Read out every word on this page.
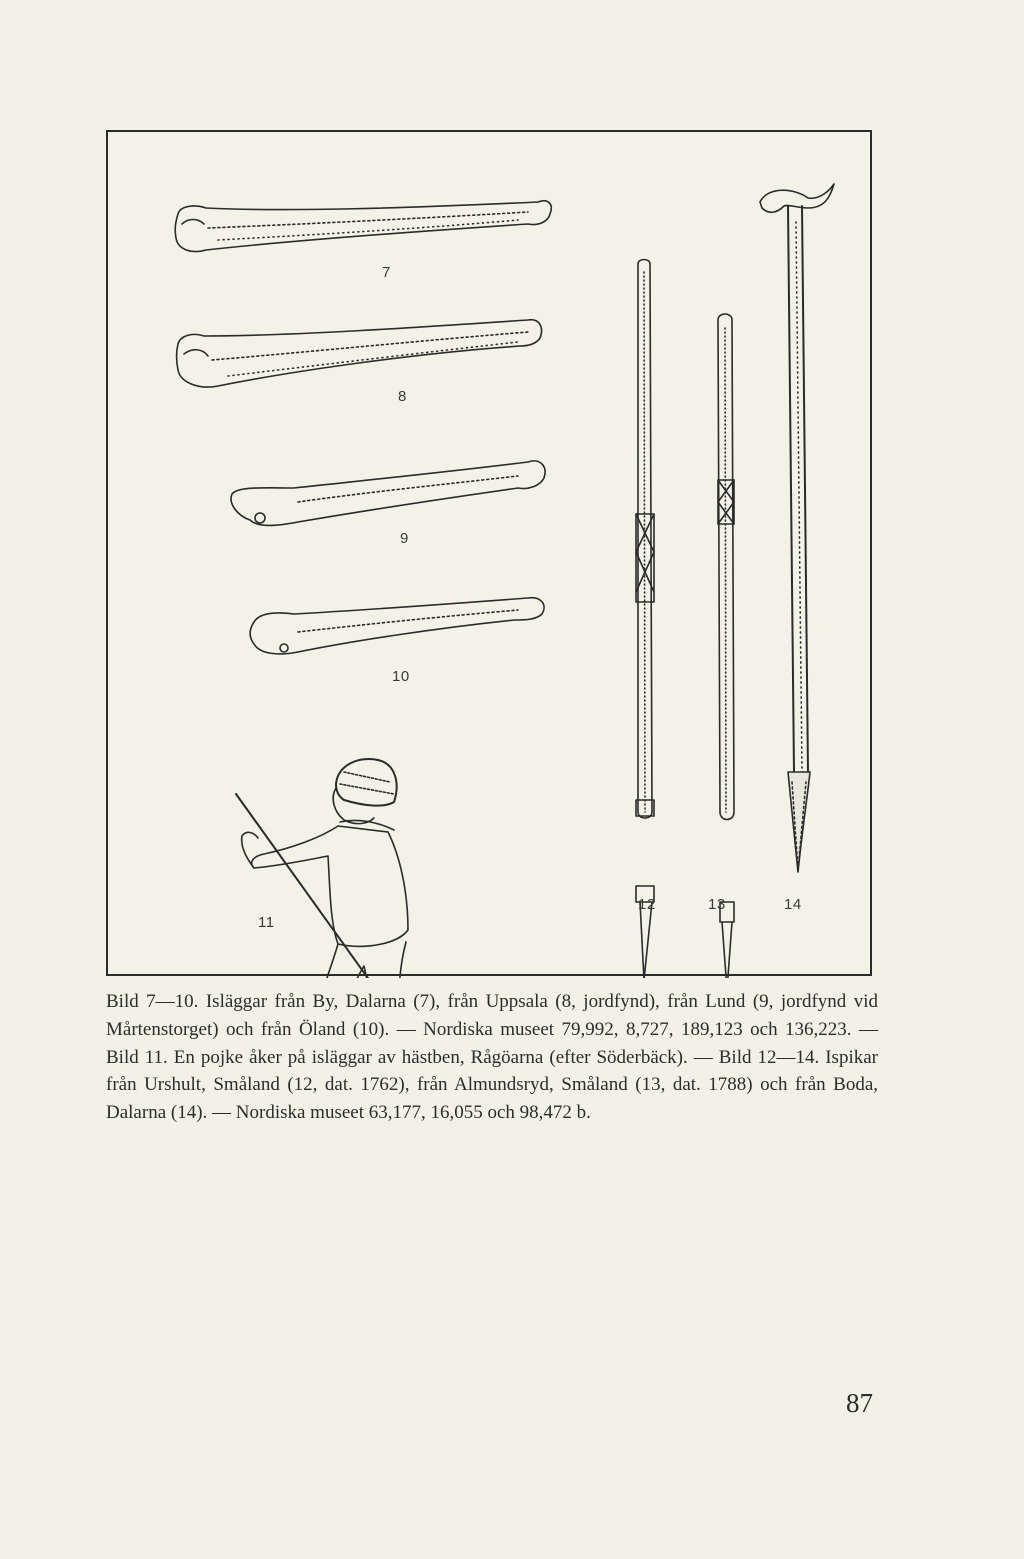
7
8
9
10
11
12	13	14

Bild 7—10. Isläggar från By, Dalarna (7), från Uppsala (8, jordfynd), från Lund (9, jordfynd vid Mårtenstorget) och från Öland (10). — Nordiska museet 79,992, 8,727, 189,123 och 136,223. — Bild 11. En pojke åker på isläggar av hästben, Rågöarna (efter Söderbäck). — Bild 12—14. Ispikar från Urshult, Småland (12, dat. 1762), från Almundsryd, Småland (13, dat. 1788) och från Boda, Dalarna (14). — Nordiska museet 63,177, 16,055 och 98,472 b.

87
